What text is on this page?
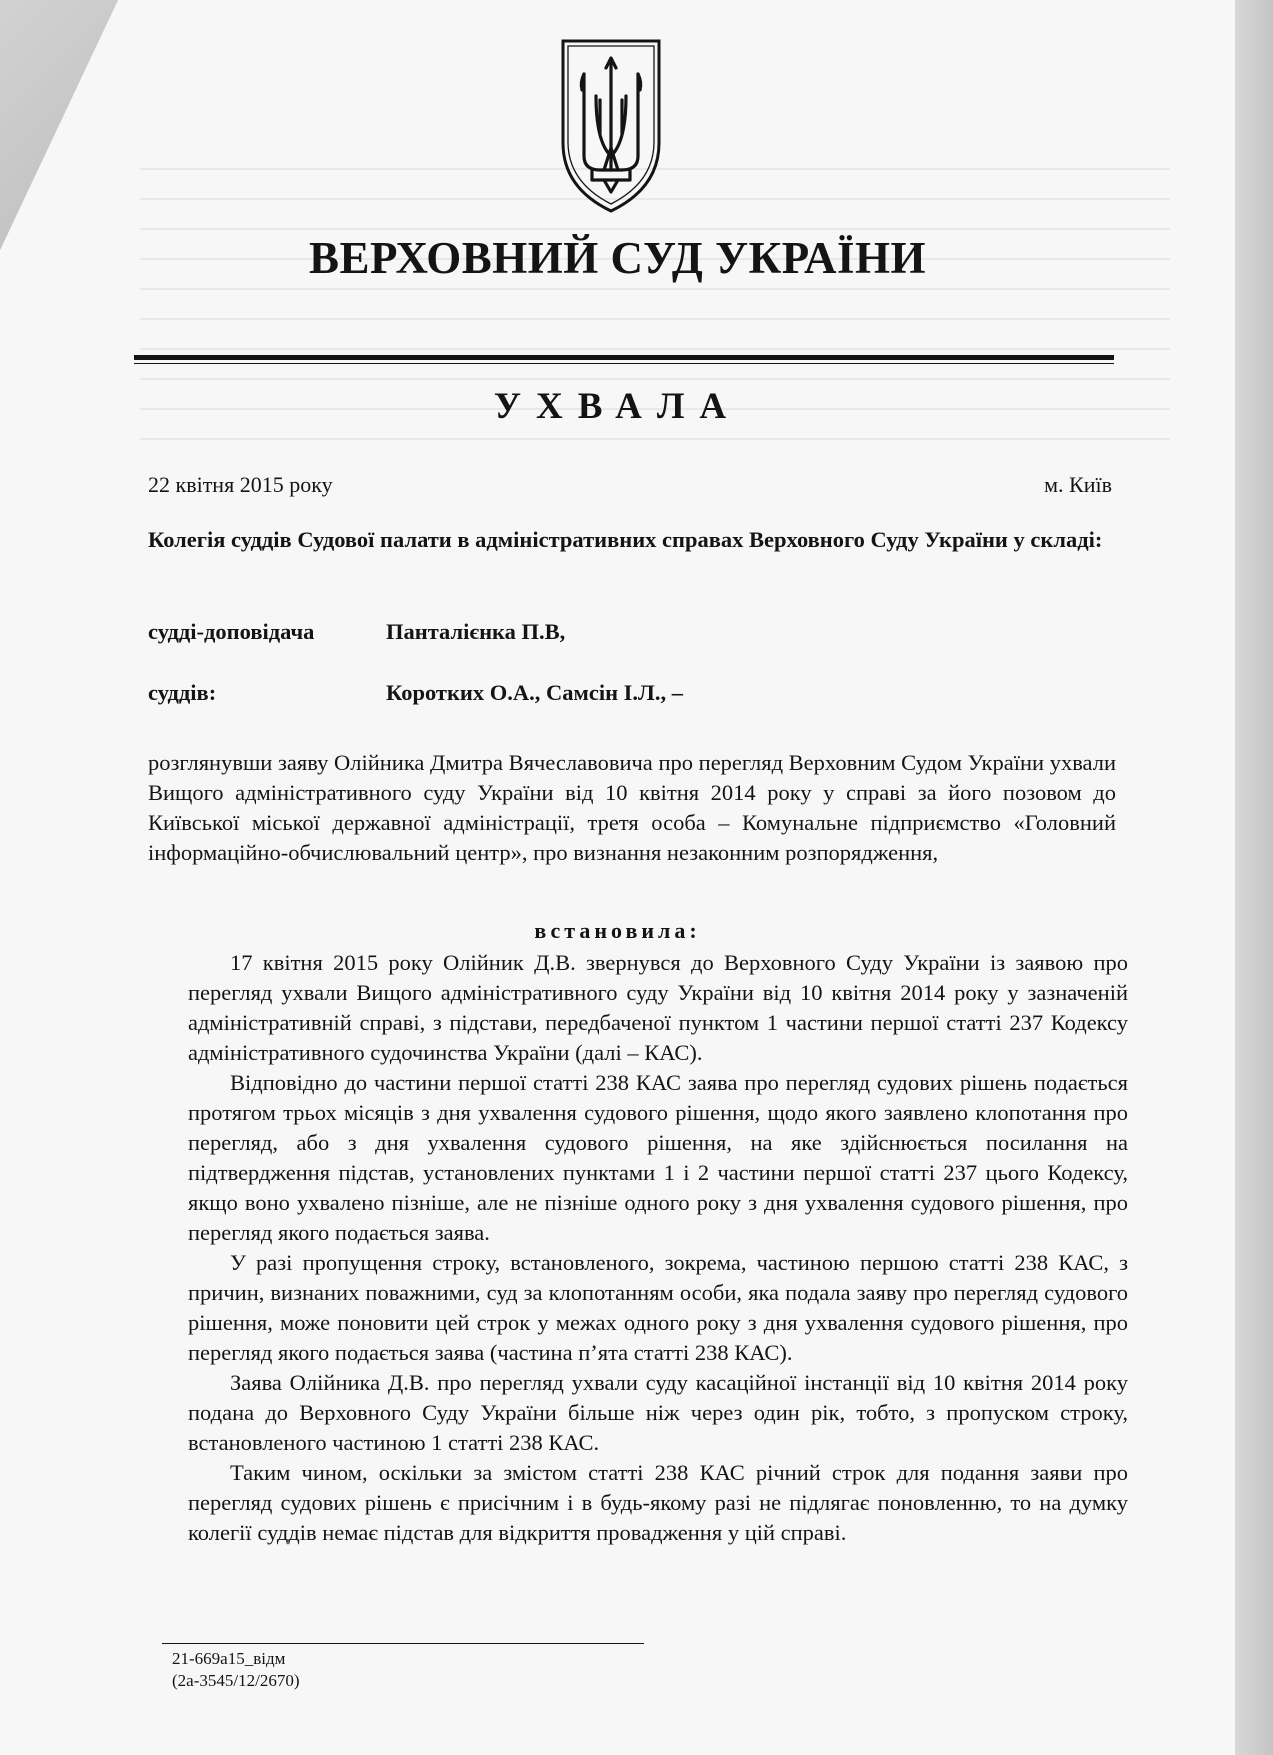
ВЕРХОВНИЙ СУД УКРАЇНИ
УХВАЛА
22 квітня 2015 року	м. Київ
Колегія суддів Судової палати в адміністративних справах Верховного Суду України у складі:
судді-доповідача	Панталієнка П.В,
суддів:	Коротких О.А., Самсін І.Л., –
розглянувши заяву Олійника Дмитра Вячеславовича про перегляд Верховним Судом України ухвали Вищого адміністративного суду України від 10 квітня 2014 року у справі за його позовом до Київської міської державної адміністрації, третя особа – Комунальне підприємство «Головний інформаційно-обчислювальний центр», про визнання незаконним розпорядження,
встановила:

17 квітня 2015 року Олійник Д.В. звернувся до Верховного Суду України із заявою про перегляд ухвали Вищого адміністративного суду України від 10 квітня 2014 року у зазначеній адміністративній справі, з підстави, передбаченої пунктом 1 частини першої статті 237 Кодексу адміністративного судочинства України (далі – КАС).

Відповідно до частини першої статті 238 КАС заява про перегляд судових рішень подається протягом трьох місяців з дня ухвалення судового рішення, щодо якого заявлено клопотання про перегляд, або з дня ухвалення судового рішення, на яке здійснюється посилання на підтвердження підстав, установлених пунктами 1 і 2 частини першої статті 237 цього Кодексу, якщо воно ухвалено пізніше, але не пізніше одного року з дня ухвалення судового рішення, про перегляд якого подається заява.

У разі пропущення строку, встановленого, зокрема, частиною першою статті 238 КАС, з причин, визнаних поважними, суд за клопотанням особи, яка подала заяву про перегляд судового рішення, може поновити цей строк у межах одного року з дня ухвалення судового рішення, про перегляд якого подається заява (частина п’ята статті 238 КАС).

Заява Олійника Д.В. про перегляд ухвали суду касаційної інстанції від 10 квітня 2014 року подана до Верховного Суду України більше ніж через один рік, тобто, з пропуском строку, встановленого частиною 1 статті 238 КАС.

Таким чином, оскільки за змістом статті 238 КАС річний строк для подання заяви про перегляд судових рішень є присічним і в будь-якому разі не підлягає поновленню, то на думку колегії суддів немає підстав для відкриття провадження у цій справі.

21-669а15_відм
(2а-3545/12/2670)
